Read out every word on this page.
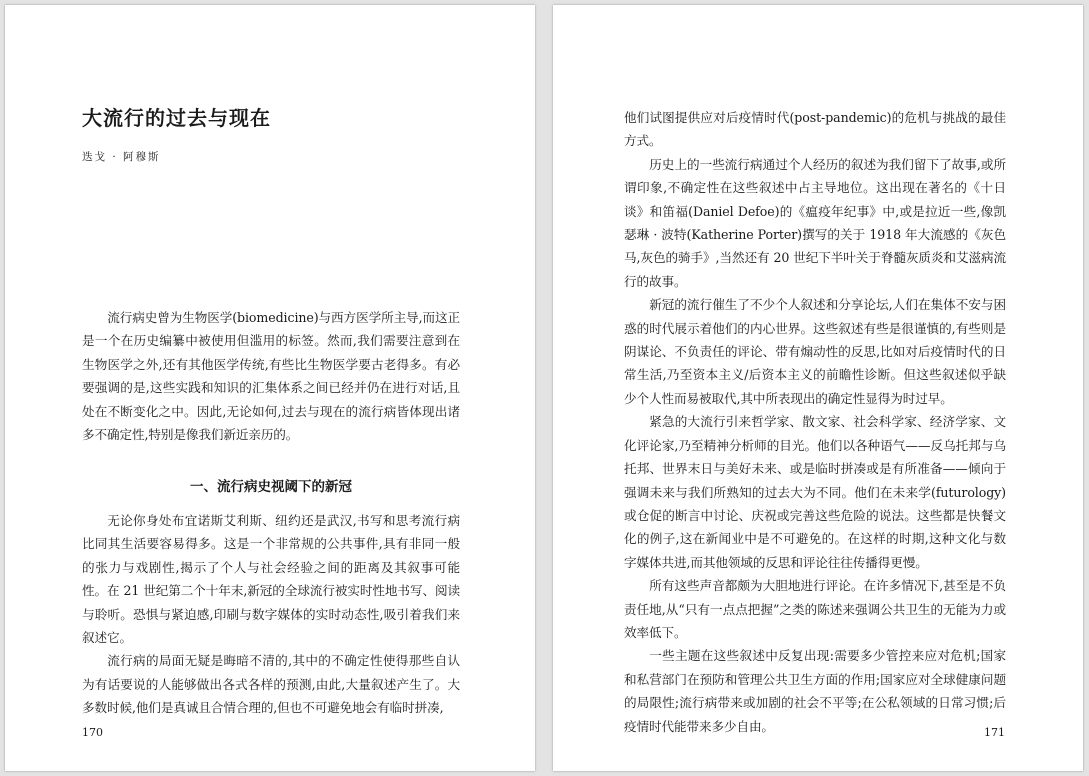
大流行的过去与现在

迭戈 · 阿穆斯

流行病史曾为生物医学(biomedicine)与西方医学所主导,而这正是一个在历史编纂中被使用但滥用的标签。然而,我们需要注意到在生物医学之外,还有其他医学传统,有些比生物医学要古老得多。有必要强调的是,这些实践和知识的汇集体系之间已经并仍在进行对话,且处在不断变化之中。因此,无论如何,过去与现在的流行病皆体现出诸多不确定性,特别是像我们新近亲历的。

一、流行病史视阈下的新冠

无论你身处布宜诺斯艾利斯、纽约还是武汉,书写和思考流行病比同其生活要容易得多。这是一个非常规的公共事件,具有非同一般的张力与戏剧性,揭示了个人与社会经验之间的距离及其叙事可能性。在 21 世纪第二个十年末,新冠的全球流行被实时性地书写、阅读与聆听。恐惧与紧迫感,印刷与数字媒体的实时动态性,吸引着我们来叙述它。

流行病的局面无疑是晦暗不清的,其中的不确定性使得那些自认为有话要说的人能够做出各式各样的预测,由此,大量叙述产生了。大多数时候,他们是真诚且合情合理的,但也不可避免地会有临时拼凑,

170

他们试图提供应对后疫情时代(post-pandemic)的危机与挑战的最佳方式。

历史上的一些流行病通过个人经历的叙述为我们留下了故事,或所谓印象,不确定性在这些叙述中占主导地位。这出现在著名的《十日谈》和笛福(Daniel Defoe)的《瘟疫年纪事》中,或是拉近一些,像凯瑟琳 · 波特(Katherine Porter)撰写的关于 1918 年大流感的《灰色马,灰色的骑手》,当然还有 20 世纪下半叶关于脊髓灰质炎和艾滋病流行的故事。

新冠的流行催生了不少个人叙述和分享论坛,人们在集体不安与困惑的时代展示着他们的内心世界。这些叙述有些是很谨慎的,有些则是阴谋论、不负责任的评论、带有煽动性的反思,比如对后疫情时代的日常生活,乃至资本主义/后资本主义的前瞻性诊断。但这些叙述似乎缺少个人性而易被取代,其中所表现出的确定性显得为时过早。

紧急的大流行引来哲学家、散文家、社会科学家、经济学家、文化评论家,乃至精神分析师的目光。他们以各种语气——反乌托邦与乌托邦、世界末日与美好未来、或是临时拼凑或是有所准备——倾向于强调未来与我们所熟知的过去大为不同。他们在未来学(futurology)或仓促的断言中讨论、庆祝或完善这些危险的说法。这些都是快餐文化的例子,这在新闻业中是不可避免的。在这样的时期,这种文化与数字媒体共进,而其他领域的反思和评论往往传播得更慢。

所有这些声音都颇为大胆地进行评论。在许多情况下,甚至是不负责任地,从“只有一点点把握”之类的陈述来强调公共卫生的无能为力或效率低下。

一些主题在这些叙述中反复出现:需要多少管控来应对危机;国家和私营部门在预防和管理公共卫生方面的作用;国家应对全球健康问题的局限性;流行病带来或加剧的社会不平等;在公私领域的日常习惯;后疫情时代能带来多少自由。	171
